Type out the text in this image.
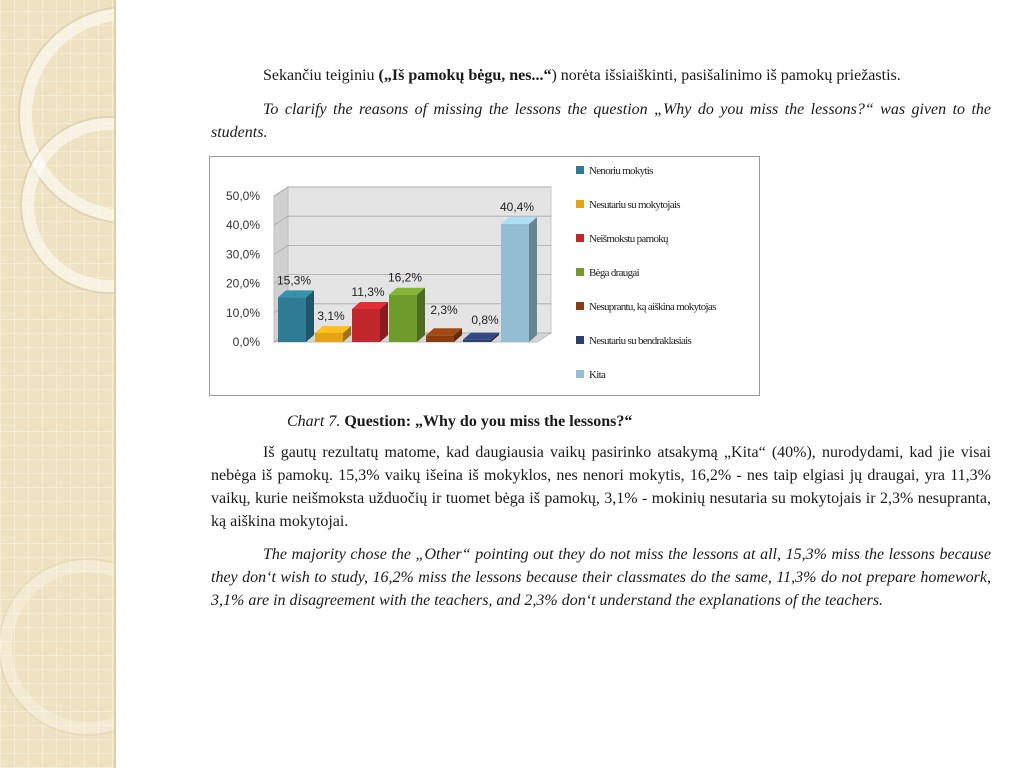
Sekančiu teiginiu („Iš pamokų bėgu, nes...“) norėta išsiaiškinti, pasišalinimo iš pamokų priežastis.

To clarify the reasons of missing the lessons the question „Why do you miss the lessons?“ was given to the students.

0,0%
10,0%
20,0%
30,0%
40,0%
50,0%
15,3%
3,1%
11,3%
16,2%
2,3%
0,8%
40,4%
Nenoriu mokytis
Nesutariu su mokytojais
Neišmokstu pamokų
Bėga draugai
Nesuprantu, ką aiškina mokytojas
Nesutariu su bendraklasiais
Kita
Chart 7. Question: „Why do you miss the lessons?“

Iš gautų rezultatų matome, kad daugiausia vaikų pasirinko atsakymą „Kita“ (40%), nurodydami, kad jie visai nebėga iš pamokų. 15,3% vaikų išeina iš mokyklos, nes nenori mokytis, 16,2% - nes taip elgiasi jų draugai, yra 11,3% vaikų, kurie neišmoksta užduočių ir tuomet bėga iš pamokų, 3,1% - mokinių nesutaria su mokytojais ir 2,3% nesupranta, ką aiškina mokytojai.

The majority chose the „Other“ pointing out they do not miss the lessons at all, 15,3% miss the lessons because they don‘t wish to study, 16,2% miss the lessons because their classmates do the same, 11,3% do not prepare homework, 3,1% are in disagreement with the teachers, and 2,3% don‘t understand the explanations of the teachers.
